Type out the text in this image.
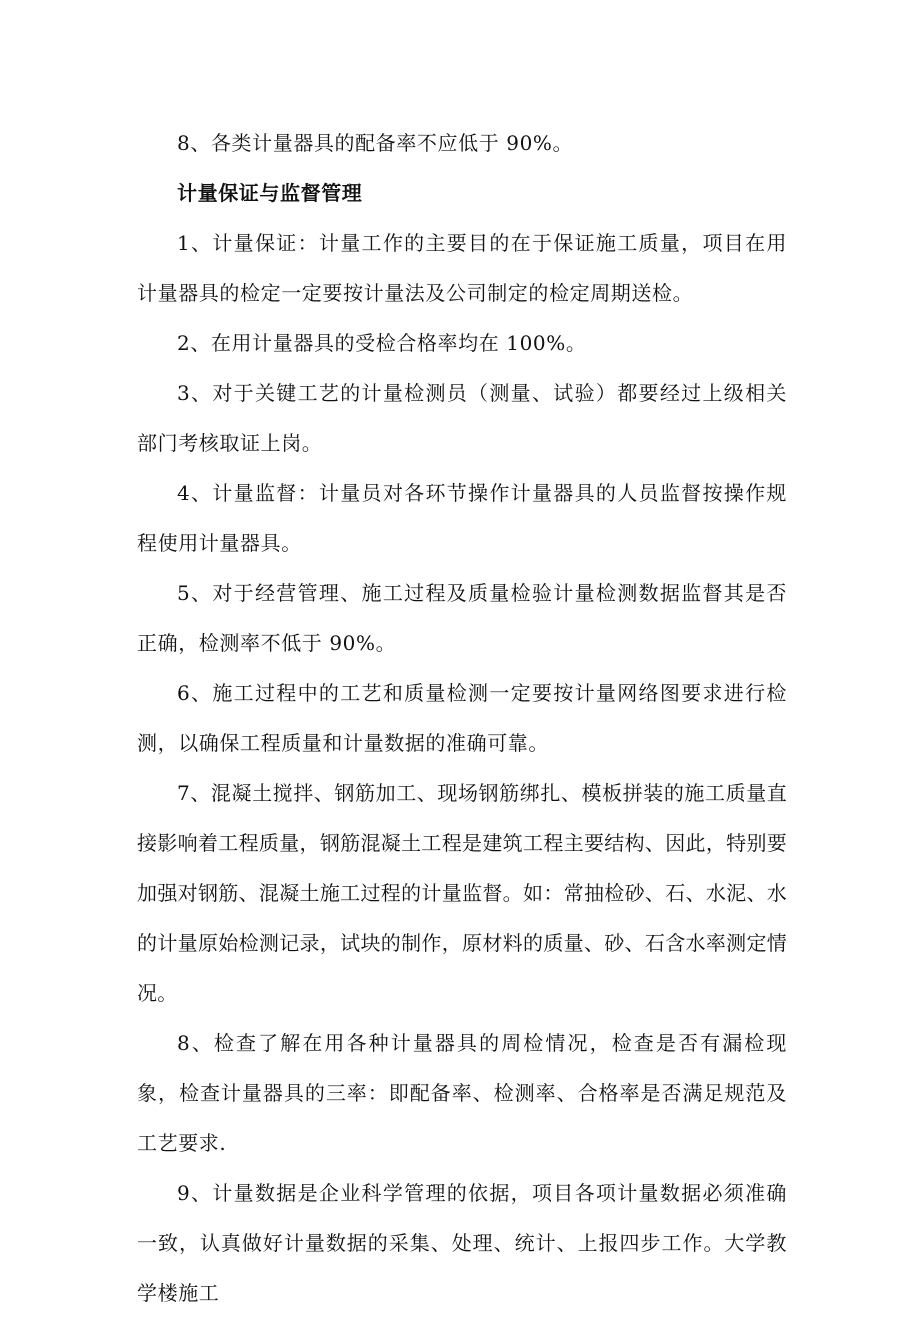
8、各类计量器具的配备率不应低于 90%。

计量保证与监督管理

1、计量保证：计量工作的主要目的在于保证施工质量，项目在用计量器具的检定一定要按计量法及公司制定的检定周期送检。

2、在用计量器具的受检合格率均在 100%。

3、对于关键工艺的计量检测员（测量、试验）都要经过上级相关部门考核取证上岗。

4、计量监督：计量员对各环节操作计量器具的人员监督按操作规程使用计量器具。

5、对于经营管理、施工过程及质量检验计量检测数据监督其是否正确，检测率不低于 90%。

6、施工过程中的工艺和质量检测一定要按计量网络图要求进行检测，以确保工程质量和计量数据的准确可靠。

7、混凝土搅拌、钢筋加工、现场钢筋绑扎、模板拼装的施工质量直接影响着工程质量，钢筋混凝土工程是建筑工程主要结构、因此，特别要加强对钢筋、混凝土施工过程的计量监督。如：常抽检砂、石、水泥、水的计量原始检测记录，试块的制作，原材料的质量、砂、石含水率测定情况。

8、检查了解在用各种计量器具的周检情况，检查是否有漏检现象，检查计量器具的三率：即配备率、检测率、合格率是否满足规范及工艺要求.

9、计量数据是企业科学管理的依据，项目各项计量数据必须准确一致，认真做好计量数据的采集、处理、统计、上报四步工作。大学教学楼施工
